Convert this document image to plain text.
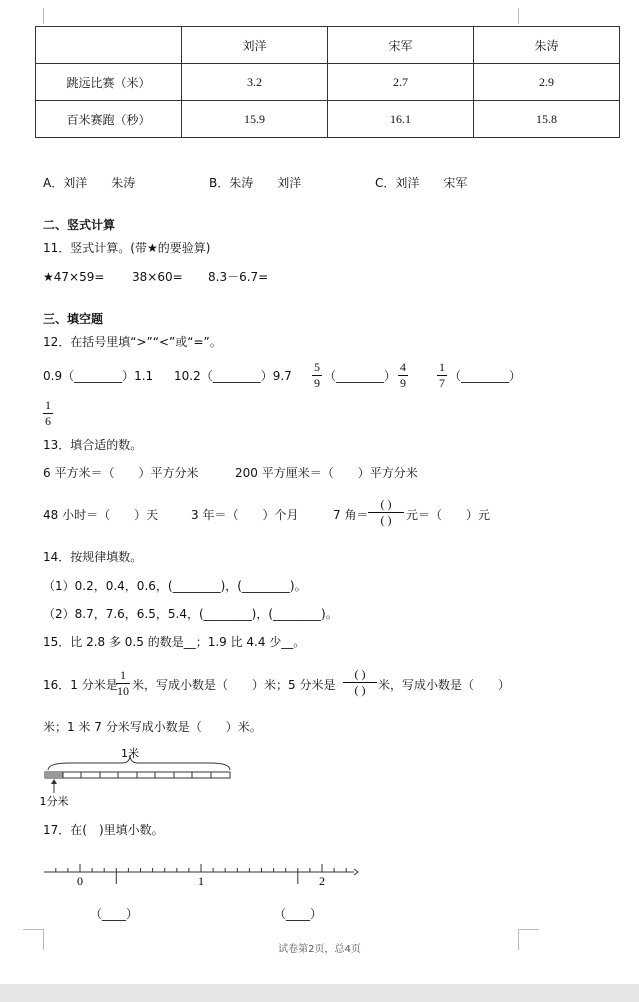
	刘洋	宋军	朱涛
跳远比赛（米）	3.2	2.7	2.9
百米赛跑（秒）	15.9	16.1	15.8
A．刘洋　　朱涛	B．朱涛　　刘洋	C．刘洋　　宋军
二、竖式计算
11．竖式计算。(带★的要验算)
★47×59= 38×60= 8.3－6.7=
三、填空题
12．在括号里填“>”“<”或“=”。
0.9（________）1.1 10.2（________）9.7
5
9 （________）
4
9
1
7 （________）
1
6
13．填合适的数。
6 平方米＝（　　）平方分米	200 平方厘米＝（　　）平方分米
48 小时＝（　　）天	3 年＝（　　）个月	7 角＝
( )
( )	元＝（　　）元
14．按规律填数。
（1）0.2，0.4，0.6，(________)，(________)。
（2）8.7，7.6，6.5，5.4，(________)，(________)。
15．比 2.8 多 0.5 的数是__；1.9 比 4.4 少__。
16．1 分米是
1
10 米，写成小数是（　　）米；5 分米是
( )
( )	米，写成小数是（　　）
米；1 米 7 分米写成小数是（　　）米。
1米
1分米
17．在(　)里填小数。
0	1	2
（____）	（____）
试卷第2页，总4页
